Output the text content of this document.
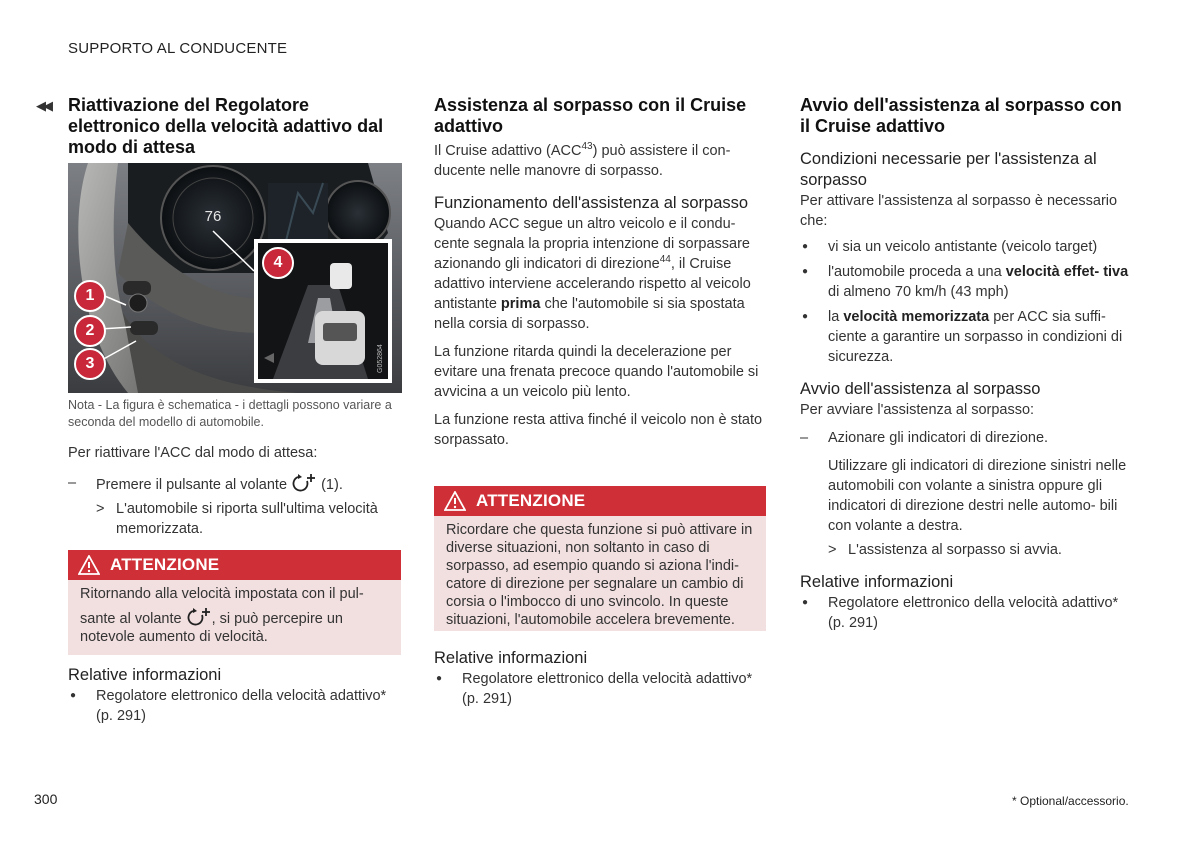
SUPPORTO AL CONDUCENTE
◀◀ Riattivazione del Regolatore elettronico della velocità adattivo dal modo di attesa
76
G052864
1
2
3
4

Nota - La figura è schematica - i dettagli possono variare a seconda del modello di automobile.

Per riattivare l'ACC dal modo di attesa:

– Premere il pulsante al volante (1).
> L'automobile si riporta sull'ultima velocità memorizzata.
ATTENZIONE
Ritornando alla velocità impostata con il pul-
sante al volante , si può percepire un
notevole aumento di velocità.
Relative informazioni
● Regolatore elettronico della velocità adattivo* (p. 291)
Assistenza al sorpasso con il Cruise adattivo

Il Cruise adattivo (ACC$^{43}$) può assistere il con- ducente nelle manovre di sorpasso.

Funzionamento dell'assistenza al sorpasso

Quando ACC segue un altro veicolo e il condu- cente segnala la propria intenzione di sorpassare azionando gli indicatori di direzione$^{44}$, il Cruise adattivo interviene accelerando rispetto al veicolo antistante prima che l'automobile si sia spostata nella corsia di sorpasso.

La funzione ritarda quindi la decelerazione per evitare una frenata precoce quando l'automobile si avvicina a un veicolo più lento.

La funzione resta attiva finché il veicolo non è stato sorpassato.

ATTENZIONE
Ricordare che questa funzione si può attivare in diverse situazioni, non soltanto in caso di sorpasso, ad esempio quando si aziona l'indi- catore di direzione per segnalare un cambio di corsia o l'imbocco di uno svincolo. In queste situazioni, l'automobile accelera brevemente.
Relative informazioni
● Regolatore elettronico della velocità adattivo* (p. 291)
Avvio dell'assistenza al sorpasso con il Cruise adattivo
Condizioni necessarie per l'assistenza al sorpasso

Per attivare l'assistenza al sorpasso è necessario che:

● vi sia un veicolo antistante (veicolo target)
● l'automobile proceda a una velocità effet- tiva di almeno 70 km/h (43 mph)
● la velocità memorizzata per ACC sia suffi- ciente a garantire un sorpasso in condizioni di sicurezza.
Avvio dell'assistenza al sorpasso

Per avviare l'assistenza al sorpasso:

– Azionare gli indicatori di direzione.

Utilizzare gli indicatori di direzione sinistri nelle automobili con volante a sinistra oppure gli indicatori di direzione destri nelle automo- bili con volante a destra.

> L'assistenza al sorpasso si avvia.
Relative informazioni
● Regolatore elettronico della velocità adattivo* (p. 291)
300	* Optional/accessorio.
